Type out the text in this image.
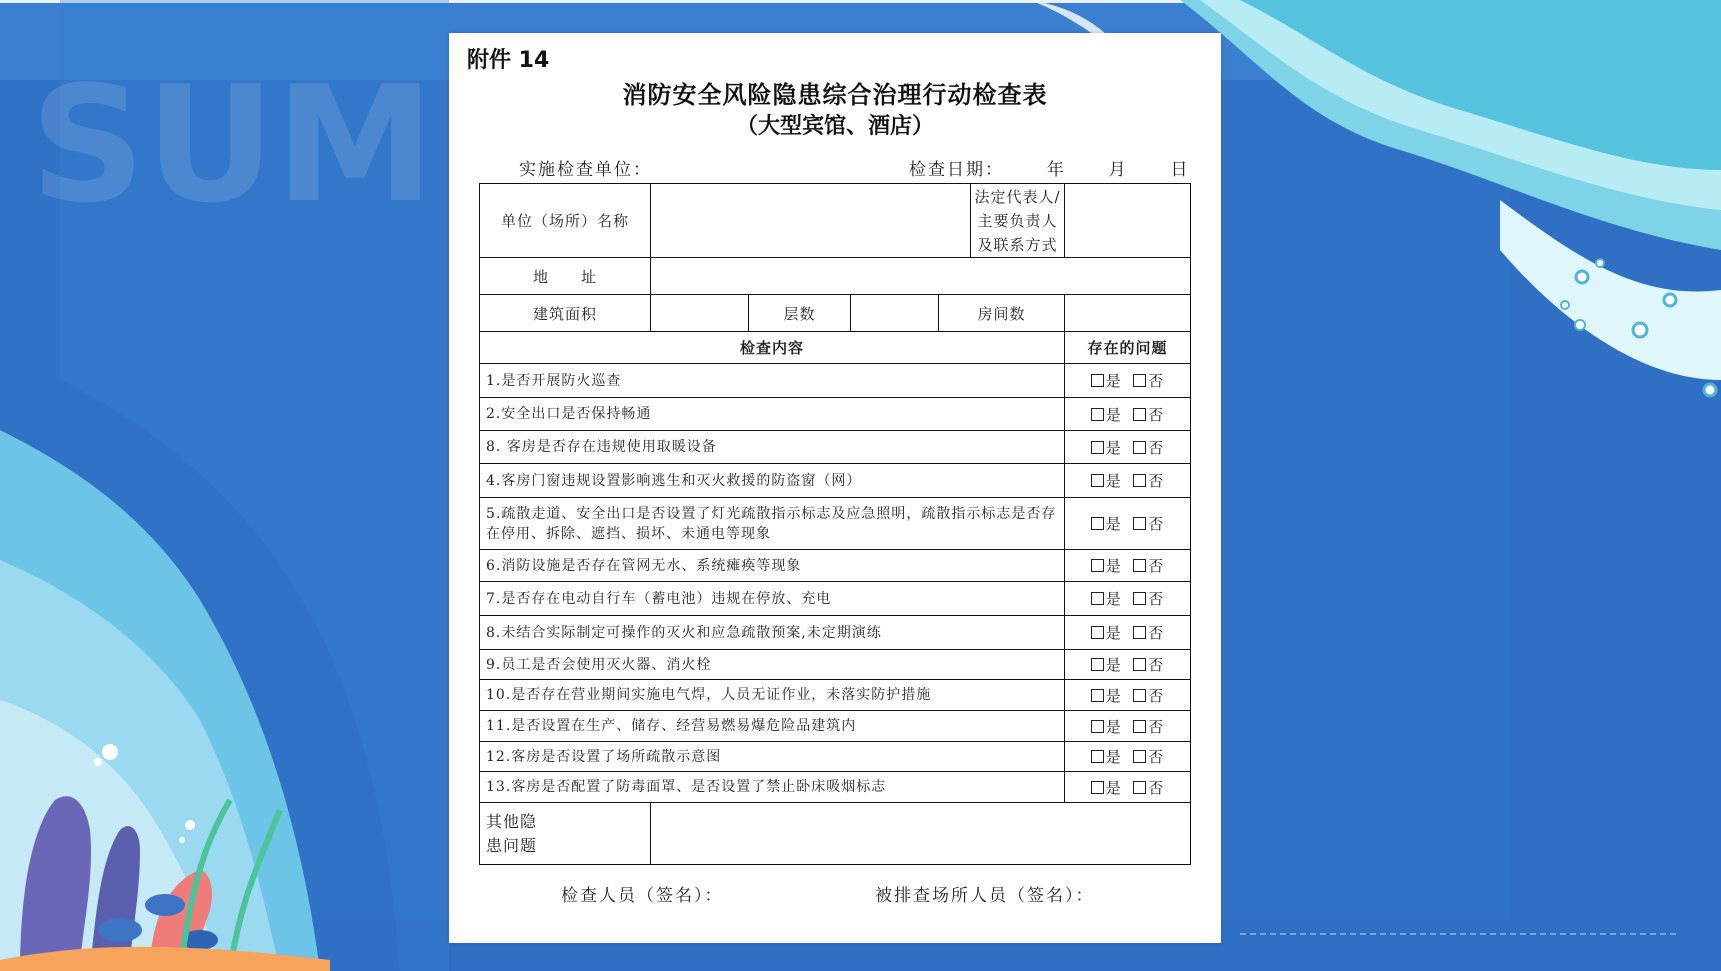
SUM 附件 14
消防安全风险隐患综合治理行动检查表
（大型宾馆、酒店）
实施检查单位：	检查日期：	年	月	日
单位（场所）名称					法定代表人/主要负责人及联系方式	
地　　址						
建筑面积		层数		房间数		
检查内容						存在的问题
1.是否开展防火巡查						是 否
2.安全出口是否保持畅通						是 否
8. 客房是否存在违规使用取暖设备						是 否
4.客房门窗违规设置影响逃生和灭火救援的防盗窗（网）						是 否
5.疏散走道、安全出口是否设置了灯光疏散指示标志及应急照明，疏散指示标志是否存在停用、拆除、遮挡、损坏、未通电等现象						是 否
6.消防设施是否存在管网无水、系统瘫痪等现象						是 否
7.是否存在电动自行车（蓄电池）违规在停放、充电						是 否
8.未结合实际制定可操作的灭火和应急疏散预案,未定期演练						是 否
9.员工是否会使用灭火器、消火栓						是 否
10.是否存在营业期间实施电气焊，人员无证作业，未落实防护措施						是 否
11.是否设置在生产、储存、经营易燃易爆危险品建筑内						是 否
12.客房是否设置了场所疏散示意图						是 否
13.客房是否配置了防毒面罩、是否设置了禁止卧床吸烟标志						是 否

其他隐患问题						

检查人员（签名）：	被排查场所人员（签名）：
